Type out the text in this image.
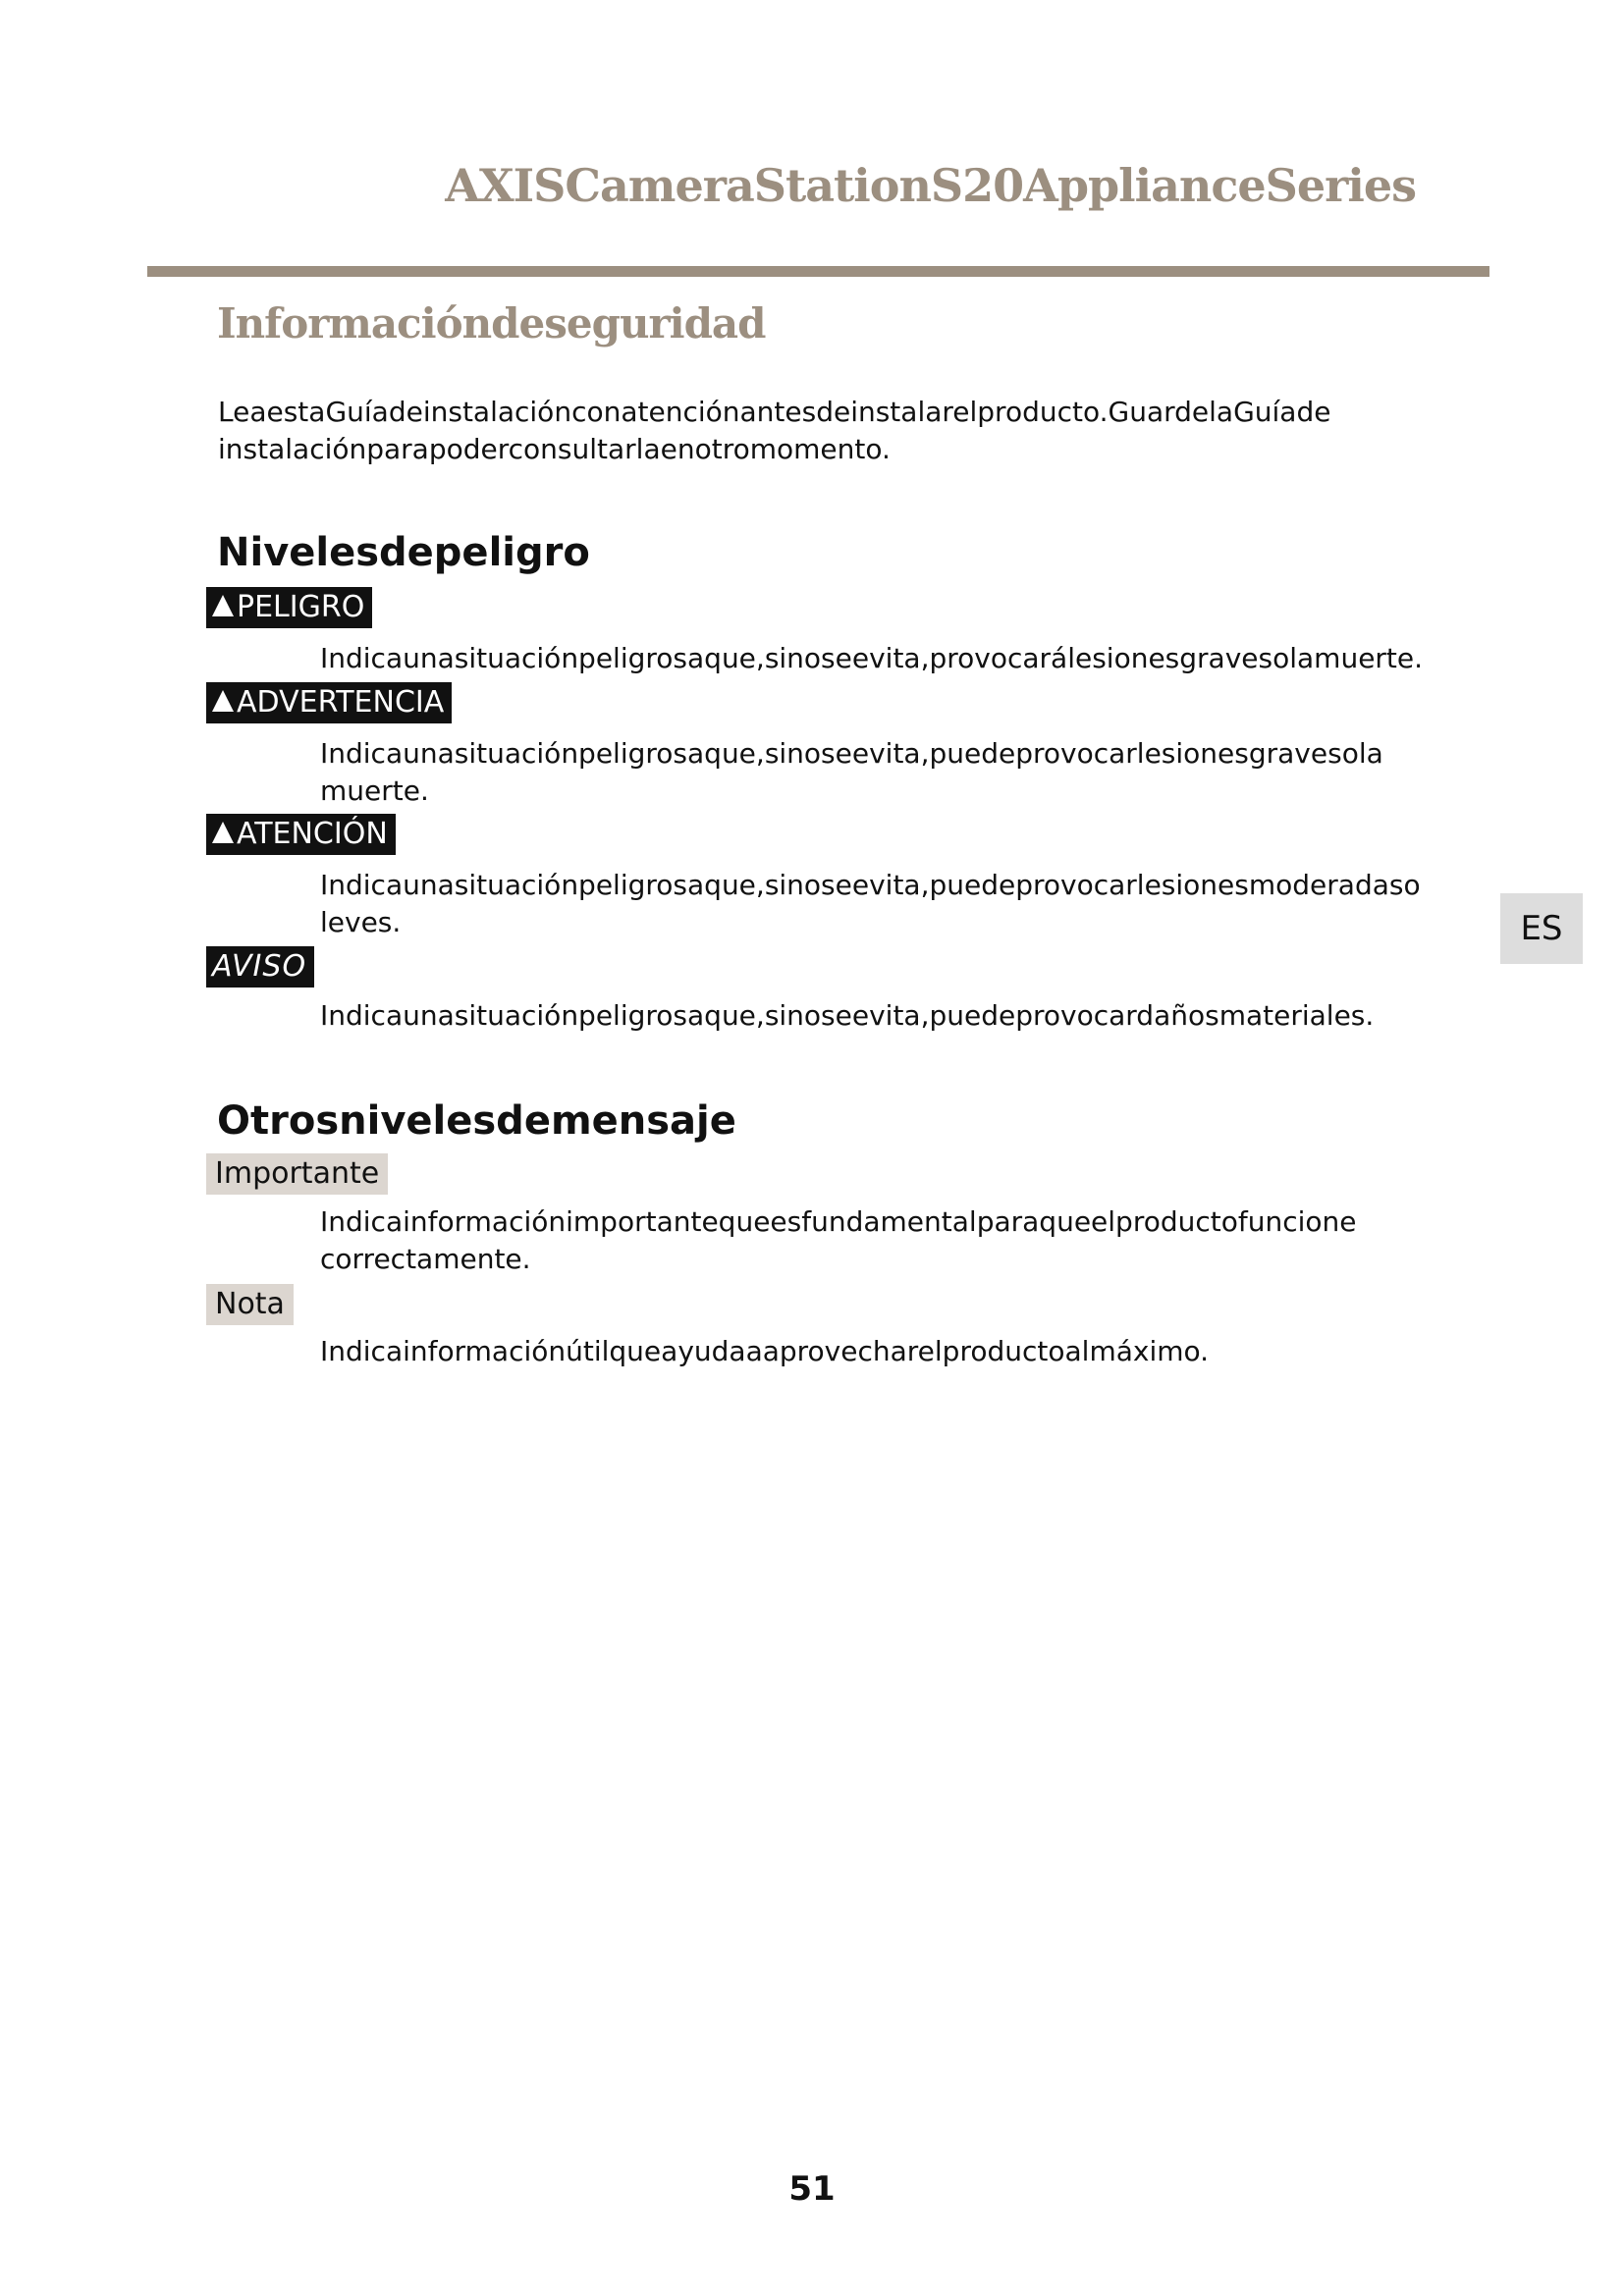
AXISCameraStationS20ApplianceSeries
Informacióndeseguridad
LeaestaGuíadeinstalaciónconatenciónantesdeinstalarelproducto.GuardelaGuíade instalaciónparapoderconsultarlaenotromomento.
Nivelesdepeligro
PELIGRO
Indicaunasituaciónpeligrosaque,sinoseevita,provocarálesionesgravesolamuerte.
ADVERTENCIA
Indicaunasituaciónpeligrosaque,sinoseevita,puedeprovocarlesionesgravesola muerte.
ATENCIÓN
Indicaunasituaciónpeligrosaque,sinoseevita,puedeprovocarlesionesmoderadaso leves.
AVISO
Indicaunasituaciónpeligrosaque,sinoseevita,puedeprovocardañosmateriales.
Otrosnivelesdemensaje
Importante
Indicainformaciónimportantequeesfundamentalparaqueelproductofuncione correctamente.
Nota
Indicainformaciónútilqueayudaaaprovecharelproductoalmáximo.
ES
51
